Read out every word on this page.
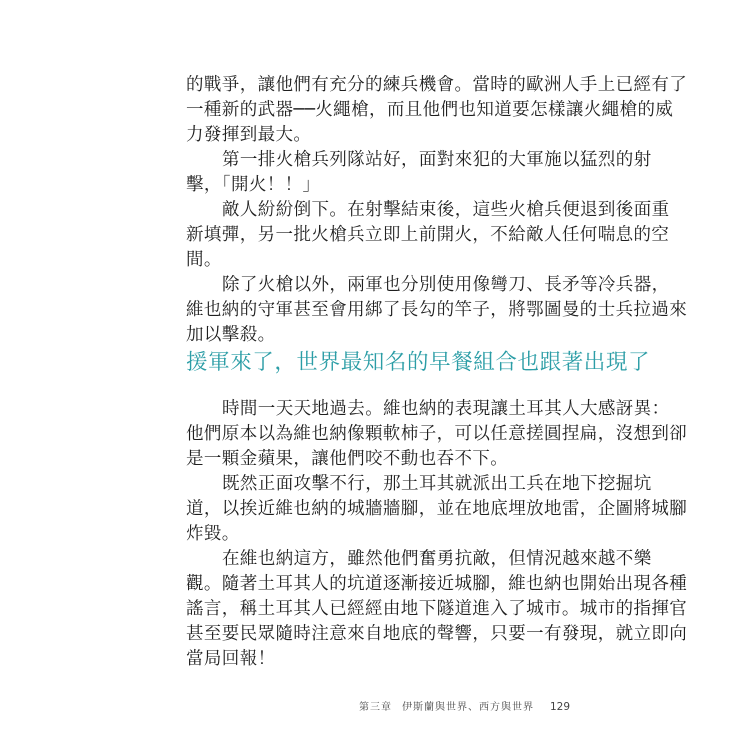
的戰爭，讓他們有充分的練兵機會。當時的歐洲人手上已經有了
一種新的武器──火繩槍，而且他們也知道要怎樣讓火繩槍的威
力發揮到最大。
第一排火槍兵列隊站好，面對來犯的大軍施以猛烈的射
擊，「開火！！」
敵人紛紛倒下。在射擊結束後，這些火槍兵便退到後面重
新填彈，另一批火槍兵立即上前開火，不給敵人任何喘息的空
間。
除了火槍以外，兩軍也分別使用像彎刀、長矛等冷兵器，
維也納的守軍甚至會用綁了長勾的竿子，將鄂圖曼的士兵拉過來
加以擊殺。
援軍來了，世界最知名的早餐組合也跟著出現了
時間一天天地過去。維也納的表現讓土耳其人大感訝異：
他們原本以為維也納像顆軟柿子，可以任意搓圓捏扁，沒想到卻
是一顆金蘋果，讓他們咬不動也吞不下。
既然正面攻擊不行，那土耳其就派出工兵在地下挖掘坑
道，以挨近維也納的城牆牆腳，並在地底埋放地雷，企圖將城腳
炸毀。
在維也納這方，雖然他們奮勇抗敵，但情況越來越不樂
觀。隨著土耳其人的坑道逐漸接近城腳，維也納也開始出現各種
謠言，稱土耳其人已經經由地下隧道進入了城市。城市的指揮官
甚至要民眾隨時注意來自地底的聲響，只要一有發現，就立即向
當局回報！
第三章 伊斯蘭與世界、西方與世界 129
